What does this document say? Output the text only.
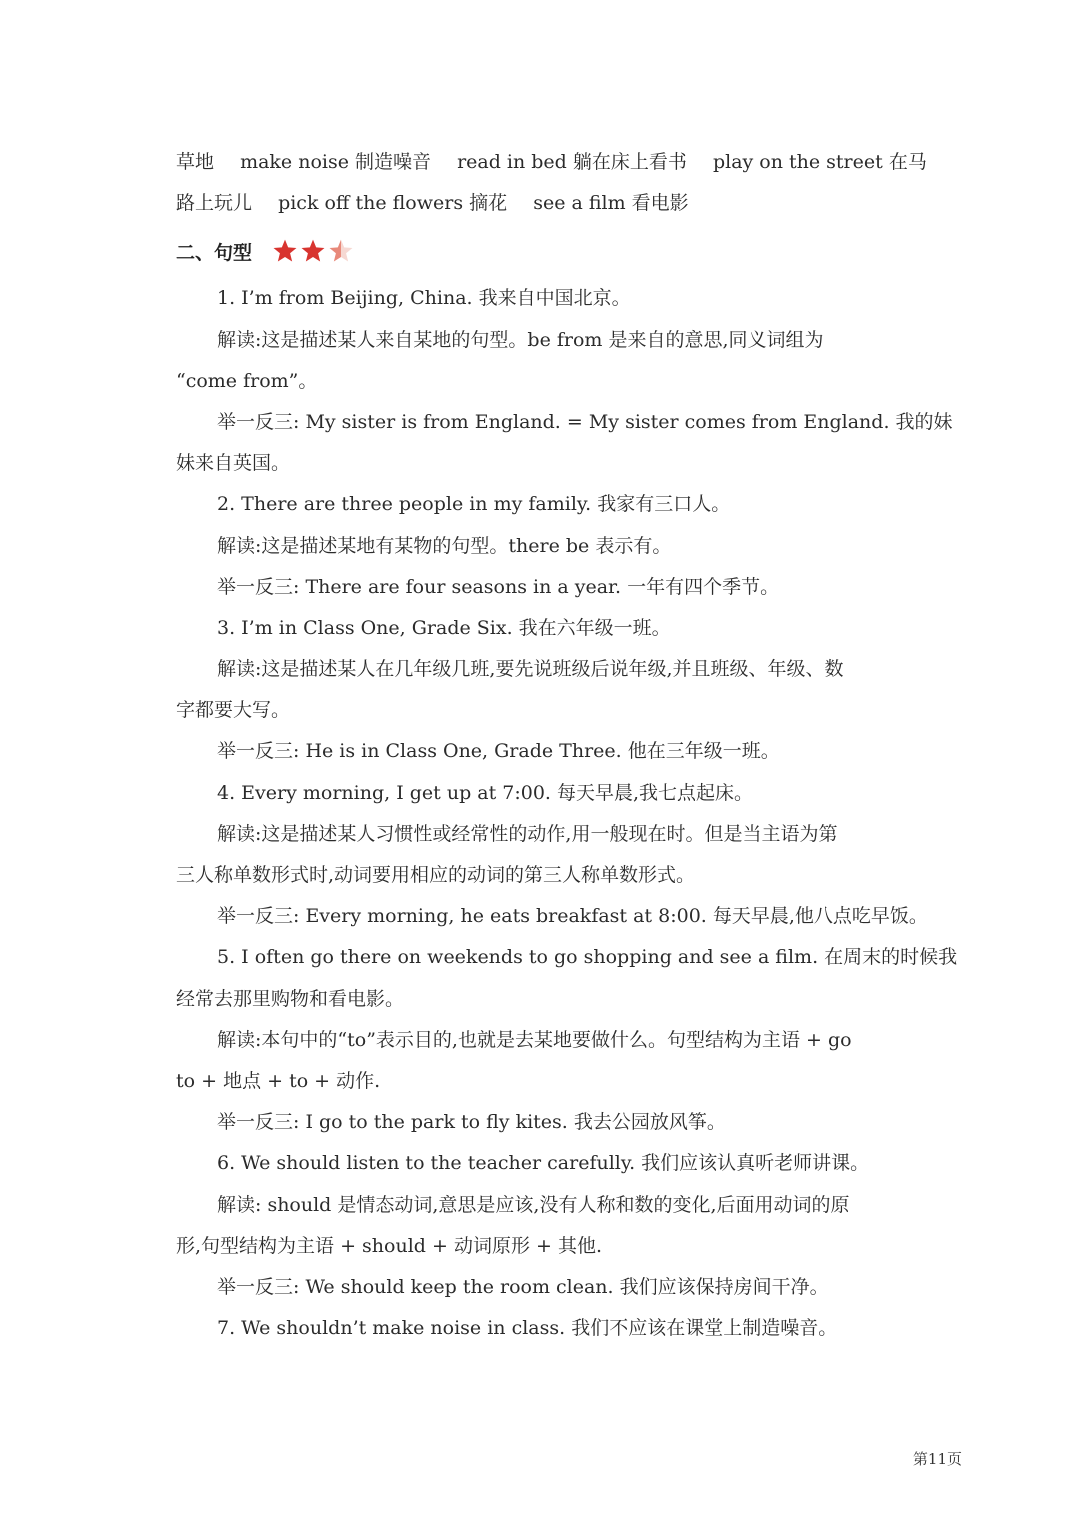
草地 make noise 制造噪音 read in bed 躺在床上看书 play on the street 在马
路上玩儿 pick off the flowers 摘花 see a film 看电影
二、句型
1. I’m from Beijing, China. 我来自中国北京。
解读:这是描述某人来自某地的句型。be from 是来自的意思,同义词组为
“come from”。
举一反三: My sister is from England. = My sister comes from England. 我的妹
妹来自英国。
2. There are three people in my family. 我家有三口人。
解读:这是描述某地有某物的句型。there be 表示有。
举一反三: There are four seasons in a year. 一年有四个季节。
3. I’m in Class One, Grade Six. 我在六年级一班。
解读:这是描述某人在几年级几班,要先说班级后说年级,并且班级、年级、数
字都要大写。
举一反三: He is in Class One, Grade Three. 他在三年级一班。
4. Every morning, I get up at 7:00. 每天早晨,我七点起床。
解读:这是描述某人习惯性或经常性的动作,用一般现在时。但是当主语为第
三人称单数形式时,动词要用相应的动词的第三人称单数形式。
举一反三: Every morning, he eats breakfast at 8:00. 每天早晨,他八点吃早饭。
5. I often go there on weekends to go shopping and see a film. 在周末的时候我
经常去那里购物和看电影。
解读:本句中的“to”表示目的,也就是去某地要做什么。句型结构为主语 + go
to + 地点 + to + 动作.
举一反三: I go to the park to fly kites. 我去公园放风筝。
6. We should listen to the teacher carefully. 我们应该认真听老师讲课。
解读: should 是情态动词,意思是应该,没有人称和数的变化,后面用动词的原
形,句型结构为主语 + should + 动词原形 + 其他.
举一反三: We should keep the room clean. 我们应该保持房间干净。
7. We shouldn’t make noise in class. 我们不应该在课堂上制造噪音。
第11页
